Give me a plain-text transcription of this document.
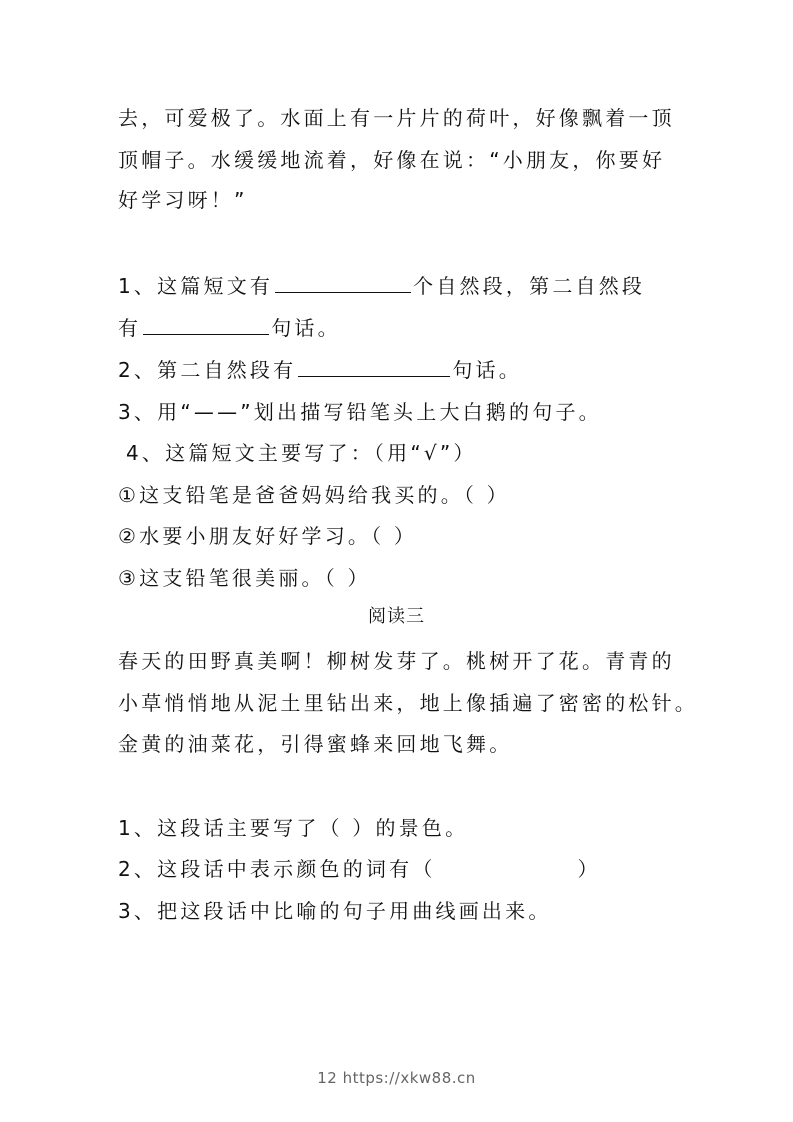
去，可爱极了。水面上有一片片的荷叶，好像飘着一顶
顶帽子。水缓缓地流着，好像在说：“小朋友，你要好
好学习呀！”
1、这篇短文有	个自然段，第二自然段
有	句话。
2、第二自然段有	句话。
3、用“——”划出描写铅笔头上大白鹅的句子。
4、这篇短文主要写了：（用“√”）
①这支铅笔是爸爸妈妈给我买的。（ ）
②水要小朋友好好学习。（ ）
③这支铅笔很美丽。（ ）
阅读三
春天的田野真美啊！柳树发芽了。桃树开了花。青青的
小草悄悄地从泥土里钻出来，地上像插遍了密密的松针。
金黄的油菜花，引得蜜蜂来回地飞舞。
1、这段话主要写了（ ）的景色。
2、这段话中表示颜色的词有（	）
3、把这段话中比喻的句子用曲线画出来。
12 https://xkw88.cn
